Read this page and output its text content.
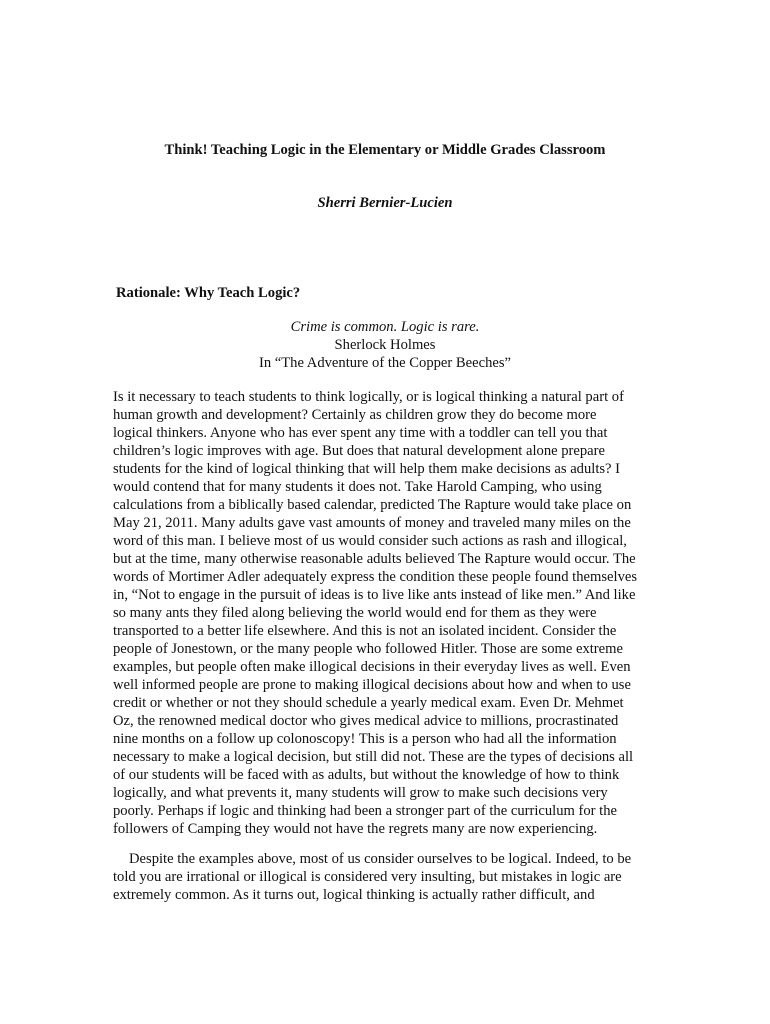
Think! Teaching Logic in the Elementary or Middle Grades Classroom

Sherri Bernier-Lucien

Rationale: Why Teach Logic?
Crime is common. Logic is rare.
Sherlock Holmes
In “The Adventure of the Copper Beeches”
Is it necessary to teach students to think logically, or is logical thinking a natural part of
human growth and development? Certainly as children grow they do become more
logical thinkers. Anyone who has ever spent any time with a toddler can tell you that
children’s logic improves with age. But does that natural development alone prepare
students for the kind of logical thinking that will help them make decisions as adults? I
would contend that for many students it does not. Take Harold Camping, who using
calculations from a biblically based calendar, predicted The Rapture would take place on
May 21, 2011. Many adults gave vast amounts of money and traveled many miles on the
word of this man. I believe most of us would consider such actions as rash and illogical,
but at the time, many otherwise reasonable adults believed The Rapture would occur. The
words of Mortimer Adler adequately express the condition these people found themselves
in, “Not to engage in the pursuit of ideas is to live like ants instead of like men.” And like
so many ants they filed along believing the world would end for them as they were
transported to a better life elsewhere. And this is not an isolated incident. Consider the
people of Jonestown, or the many people who followed Hitler. Those are some extreme
examples, but people often make illogical decisions in their everyday lives as well. Even
well informed people are prone to making illogical decisions about how and when to use
credit or whether or not they should schedule a yearly medical exam. Even Dr. Mehmet
Oz, the renowned medical doctor who gives medical advice to millions, procrastinated
nine months on a follow up colonoscopy! This is a person who had all the information
necessary to make a logical decision, but still did not. These are the types of decisions all
of our students will be faced with as adults, but without the knowledge of how to think
logically, and what prevents it, many students will grow to make such decisions very
poorly. Perhaps if logic and thinking had been a stronger part of the curriculum for the
followers of Camping they would not have the regrets many are now experiencing.
Despite the examples above, most of us consider ourselves to be logical. Indeed, to be
told you are irrational or illogical is considered very insulting, but mistakes in logic are
extremely common. As it turns out, logical thinking is actually rather difficult, and
